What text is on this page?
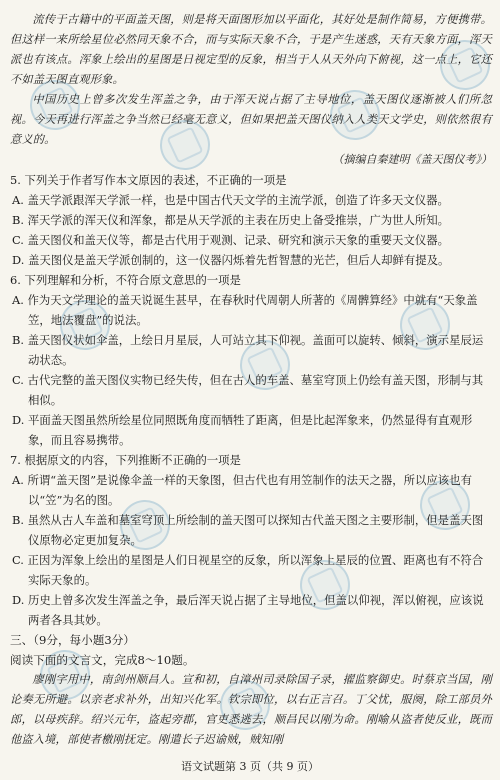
流传于古籍中的平面盖天图，则是将天面图形加以平面化，其好处是制作简易，方便携带。但这样一来所绘星位必然同天象不合，而与实际天象不合，于是产生迷惑，天有天象方面，浑天派也有该点。浑象上绘出的星图是日视定型的反象，相当于人从天外向下俯视，这一点上，它还不如盖天图直观形象。

中国历史上曾多次发生浑盖之争，由于浑天说占据了主导地位，盖天图仪逐渐被人们所忽视。今天再进行浑盖之争当然已经毫无意义，但如果把盖天图仪纳入人类天文学史，则依然很有意义的。

（摘编自秦建明《盖天图仪考》）

5. 下列关于作者写作本文原因的表述，不正确的一项是

A. 盖天学派跟浑天学派一样，也是中国古代天文学的主流学派，创造了许多天文仪器。

B. 浑天学派的浑天仪和浑象，都是从天学派的主表在历史上备受推崇，广为世人所知。

C. 盖天图仪和盖天仪等，都是古代用于观测、记录、研究和演示天象的重要天文仪器。

D. 盖天图仪是盖天学派创制的，这一仪器闪烁着先哲智慧的光芒，但后人却鲜有提及。

6. 下列理解和分析，不符合原文意思的一项是

A. 作为天文学理论的盖天说诞生甚早，在春秋时代周朝人所著的《周髀算经》中就有“天象盖笠，地法覆盘”的说法。

B. 盖天图仪状如伞盖，上绘日月星辰，人可站立其下仰视。盖面可以旋转、倾斜，演示星辰运动状态。

C. 古代完整的盖天图仪实物已经失传，但在古人的车盖、墓室穹顶上仍绘有盖天图，形制与其相似。

D. 平面盖天图虽然所绘星位同照既角度而牺牲了距离，但是比起浑象来，仍然显得有直观形象，而且容易携带。

7. 根据原文的内容，下列推断不正确的一项是

A. 所谓“盖天图”是说像伞盖一样的天象图，但古代也有用笠制作的法天之器，所以应该也有以“笠”为名的图。

B. 虽然从古人车盖和墓室穹顶上所绘制的盖天图可以探知古代盖天图之主要形制，但是盖天图仪原物必定更加复杂。

C. 正因为浑象上绘出的星图是人们日视星空的反象，所以浑象上星辰的位置、距离也有不符合实际天象的。

D. 历史上曾多次发生浑盖之争，最后浑天说占据了主导地位，但盖以仰视，浑以俯视，应该说两者各具其妙。

三、（9分，每小题3分）

阅读下面的文言文，完成8～10题。

廖刚字用中，南剑州顺昌人。宣和初，自漳州司录除国子录，擢监察御史。时蔡京当国，刚论奏无所避。以亲老求补外，出知兴化军。钦宗即位，以右正言召。丁父忧，服阕，除工部员外郎，以母疾辞。绍兴元年，盗起旁郡，官吏悉逃去，顺昌民以刚为命。刚喻从盗者使反业，既而他盗入境，部使者檄刚抚定。刚遣长子迟谕贼，贼知刚

语文试题第 3 页（共 9 页）
